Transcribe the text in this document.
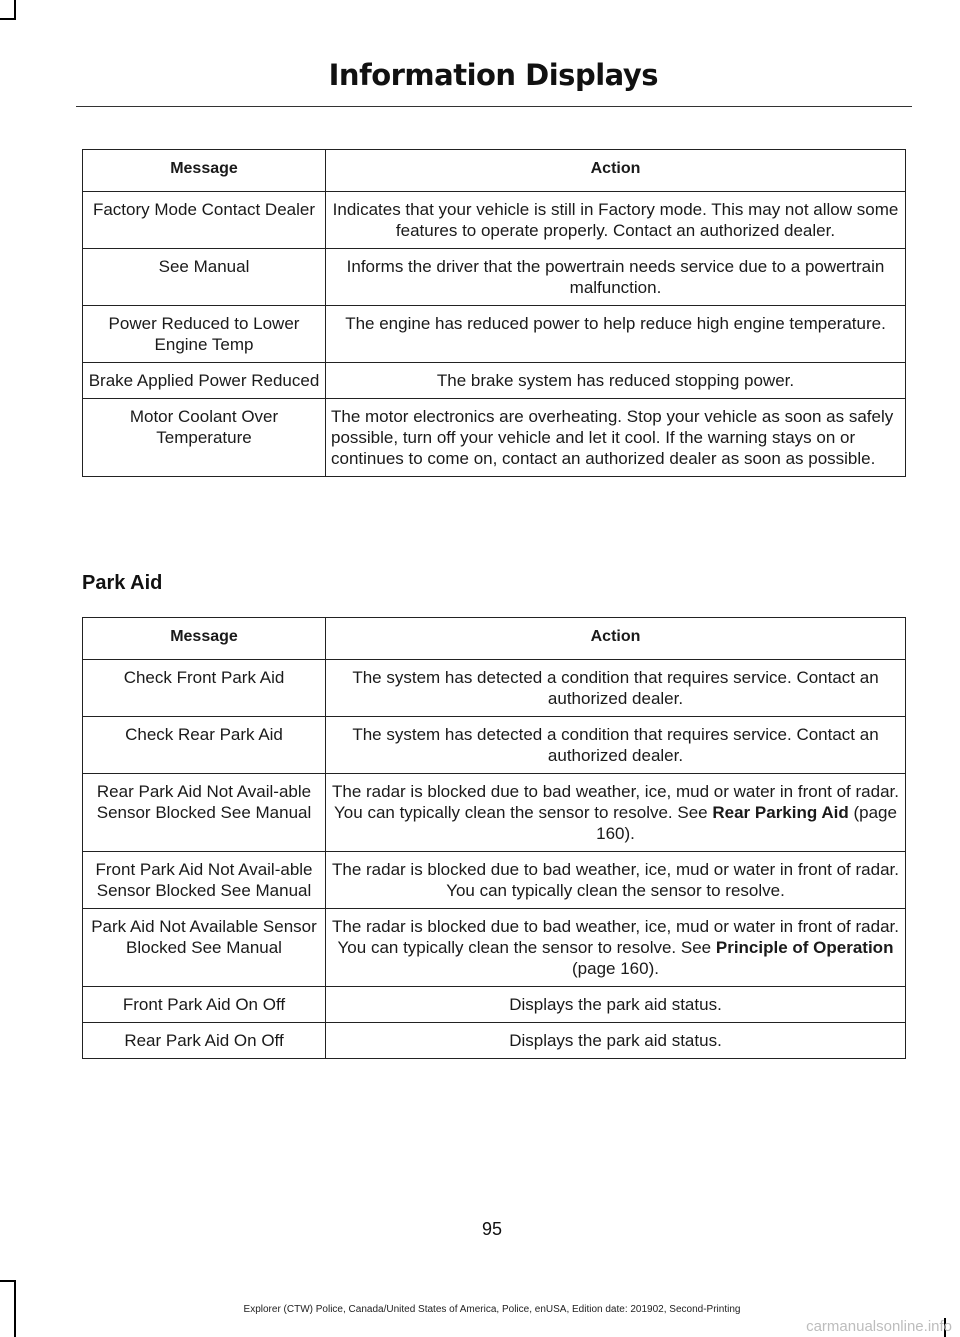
Information Displays
Message	Action
Factory Mode Contact Dealer	Indicates that your vehicle is still in Factory mode. This may not allow some features to operate properly. Contact an authorized dealer.
See Manual	Informs the driver that the powertrain needs service due to a powertrain malfunction.
Power Reduced to Lower Engine Temp	The engine has reduced power to help reduce high engine temperature.
Brake Applied Power Reduced	The brake system has reduced stopping power.
Motor Coolant Over Temperature	The motor electronics are overheating. Stop your vehicle as soon as safely possible, turn off your vehicle and let it cool. If the warning stays on or continues to come on, contact an authorized dealer as soon as possible.
Park Aid
Message	Action
Check Front Park Aid	The system has detected a condition that requires service. Contact an authorized dealer.
Check Rear Park Aid	The system has detected a condition that requires service. Contact an authorized dealer.
Rear Park Aid Not Avail-able Sensor Blocked See Manual	The radar is blocked due to bad weather, ice, mud or water in front of radar. You can typically clean the sensor to resolve. See Rear Parking Aid (page 160).
Front Park Aid Not Avail-able Sensor Blocked See Manual	The radar is blocked due to bad weather, ice, mud or water in front of radar. You can typically clean the sensor to resolve.
Park Aid Not Available Sensor Blocked See Manual	The radar is blocked due to bad weather, ice, mud or water in front of radar. You can typically clean the sensor to resolve. See Principle of Operation (page 160).
Front Park Aid On Off	Displays the park aid status.
Rear Park Aid On Off	Displays the park aid status.
95
Explorer (CTW) Police, Canada/United States of America, Police, enUSA, Edition date: 201902, Second-Printing
carmanualsonline.info
